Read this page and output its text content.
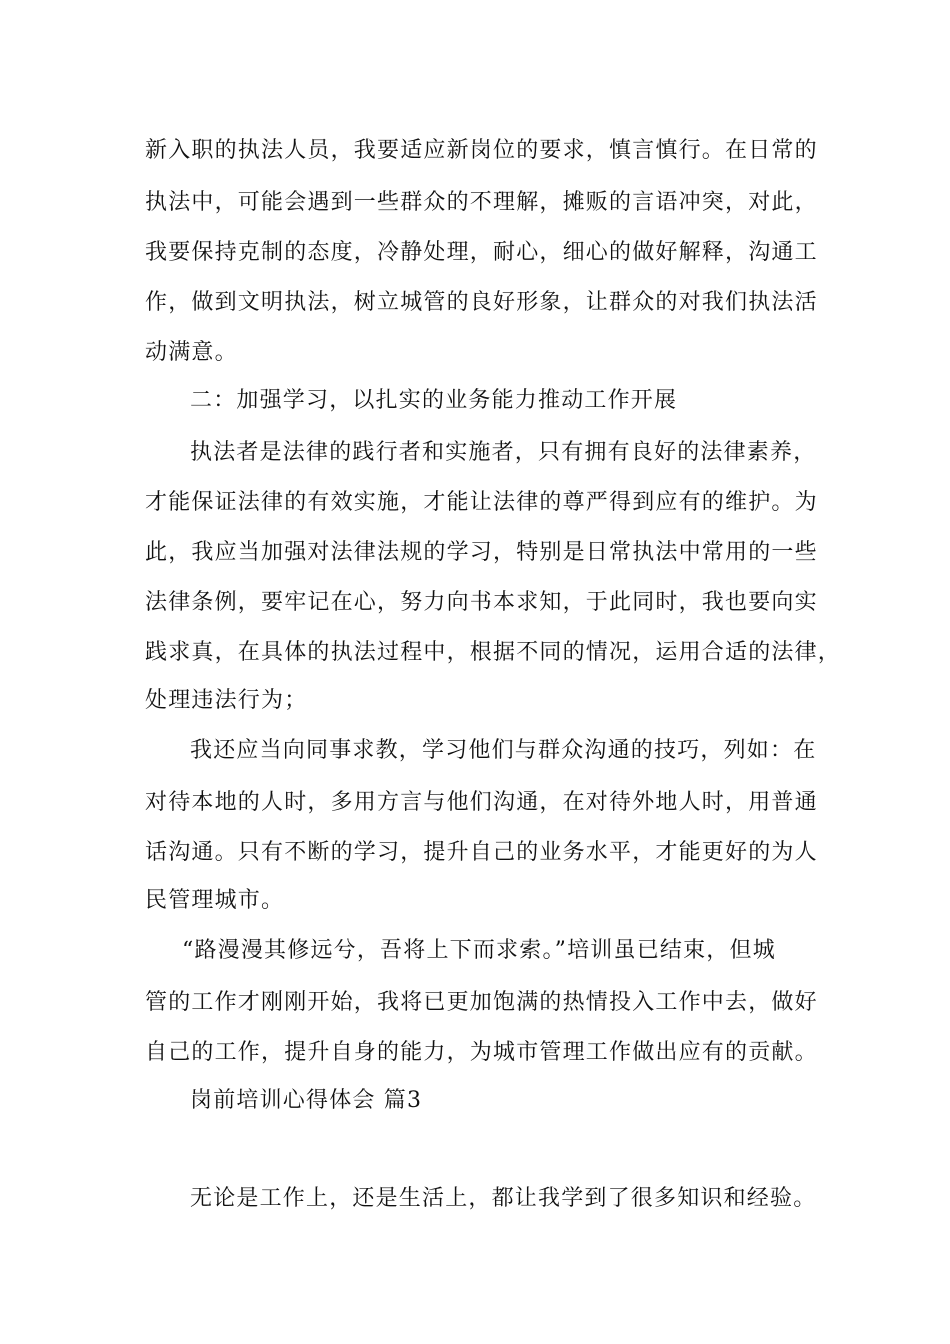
新入职的执法人员，我要适应新岗位的要求，慎言慎行。在日常的
执法中，可能会遇到一些群众的不理解，摊贩的言语冲突，对此，
我要保持克制的态度，冷静处理，耐心，细心的做好解释，沟通工
作，做到文明执法，树立城管的良好形象，让群众的对我们执法活
动满意。
二：加强学习，以扎实的业务能力推动工作开展
执法者是法律的践行者和实施者，只有拥有良好的法律素养，
才能保证法律的有效实施，才能让法律的尊严得到应有的维护。为
此，我应当加强对法律法规的学习，特别是日常执法中常用的一些
法律条例，要牢记在心，努力向书本求知，于此同时，我也要向实
践求真，在具体的执法过程中，根据不同的情况，运用合适的法律，
处理违法行为；
我还应当向同事求教，学习他们与群众沟通的技巧，列如：在
对待本地的人时，多用方言与他们沟通，在对待外地人时，用普通
话沟通。只有不断的学习，提升自己的业务水平，才能更好的为人
民管理城市。
“路漫漫其修远兮，吾将上下而求索。”培训虽已结束，但城
管的工作才刚刚开始，我将已更加饱满的热情投入工作中去，做好
自己的工作，提升自身的能力，为城市管理工作做出应有的贡献。
岗前培训心得体会 篇3
无论是工作上，还是生活上，都让我学到了很多知识和经验。
